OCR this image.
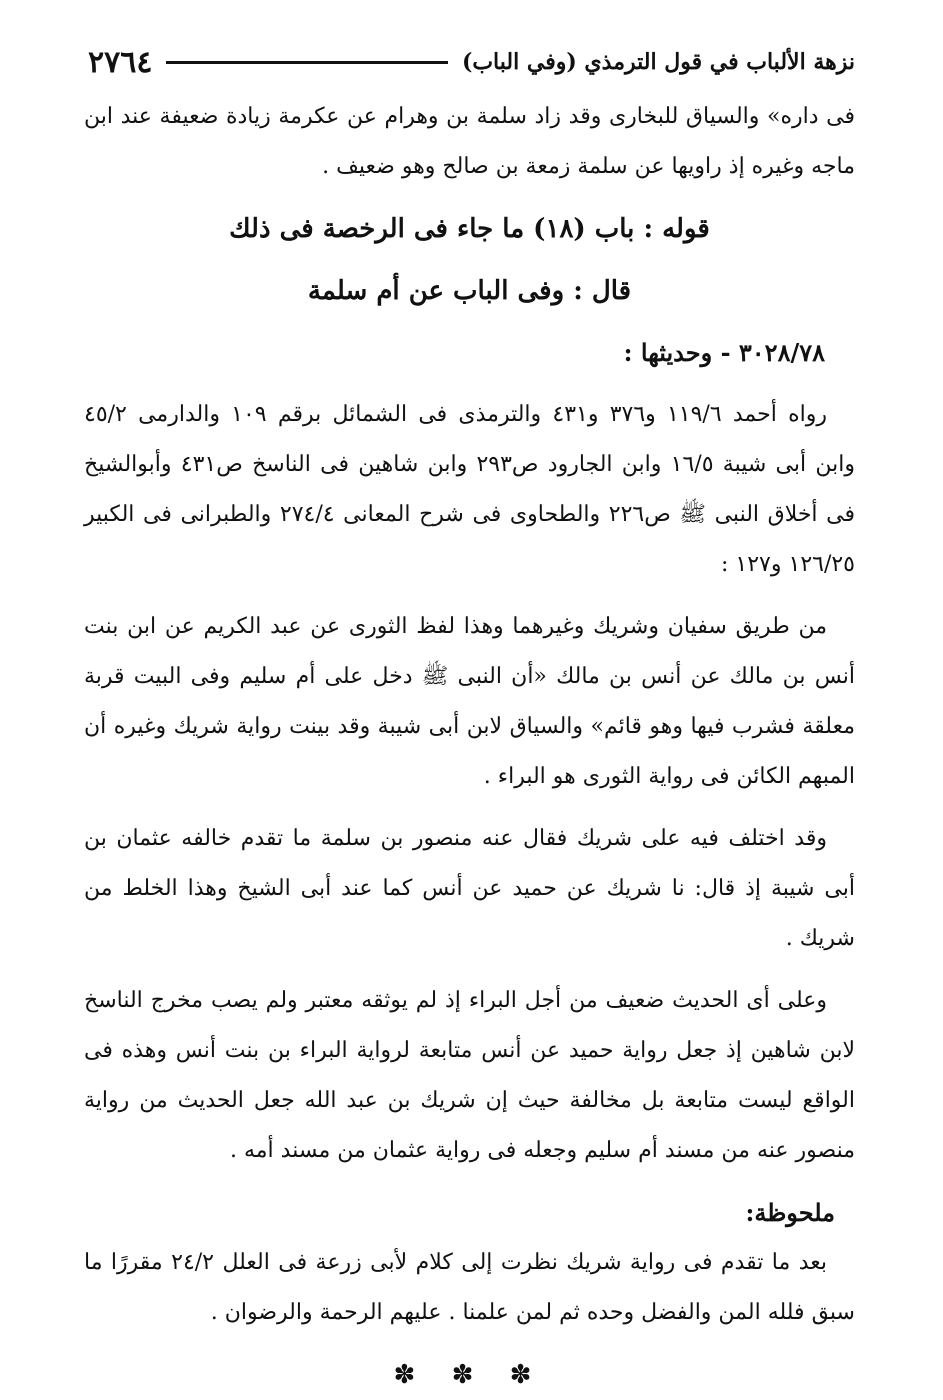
نزهة الألباب في قول الترمذي (وفي الباب)
٢٧٦٤

فى داره» والسياق للبخارى وقد زاد سلمة بن وهرام عن عكرمة زيادة ضعيفة عند ابن ماجه وغيره إذ راويها عن سلمة زمعة بن صالح وهو ضعيف .

قوله : باب (١٨) ما جاء فى الرخصة فى ذلك

قال : وفى الباب عن أم سلمة

٣٠٢٨/٧٨ - وحديثها :

رواه أحمد ١١٩/٦ و٣٧٦ و٤٣١ والترمذى فى الشمائل برقم ١٠٩ والدارمى ٤٥/٢ وابن أبى شيبة ١٦/٥ وابن الجارود ص٢٩٣ وابن شاهين فى الناسخ ص٤٣١ وأبوالشيخ فى أخلاق النبى ﷺ ص٢٢٦ والطحاوى فى شرح المعانى ٢٧٤/٤ والطبرانى فى الكبير ١٢٦/٢٥ و١٢٧ :

من طريق سفيان وشريك وغيرهما وهذا لفظ الثورى عن عبد الكريم عن ابن بنت أنس بن مالك عن أنس بن مالك «أن النبى ﷺ دخل على أم سليم وفى البيت قربة معلقة فشرب فيها وهو قائم» والسياق لابن أبى شيبة وقد بينت رواية شريك وغيره أن المبهم الكائن فى رواية الثورى هو البراء .

وقد اختلف فيه على شريك فقال عنه منصور بن سلمة ما تقدم خالفه عثمان بن أبى شيبة إذ قال: نا شريك عن حميد عن أنس كما عند أبى الشيخ وهذا الخلط من شريك .

وعلى أى الحديث ضعيف من أجل البراء إذ لم يوثقه معتبر ولم يصب مخرج الناسخ لابن شاهين إذ جعل رواية حميد عن أنس متابعة لرواية البراء بن بنت أنس وهذه فى الواقع ليست متابعة بل مخالفة حيث إن شريك بن عبد الله جعل الحديث من رواية منصور عنه من مسند أم سليم وجعله فى رواية عثمان من مسند أمه .

ملحوظة:

بعد ما تقدم فى رواية شريك نظرت إلى كلام لأبى زرعة فى العلل ٢٤/٢ مقررًا ما سبق فلله المن والفضل وحده ثم لمن علمنا . عليهم الرحمة والرضوان .

✽ ✽ ✽
